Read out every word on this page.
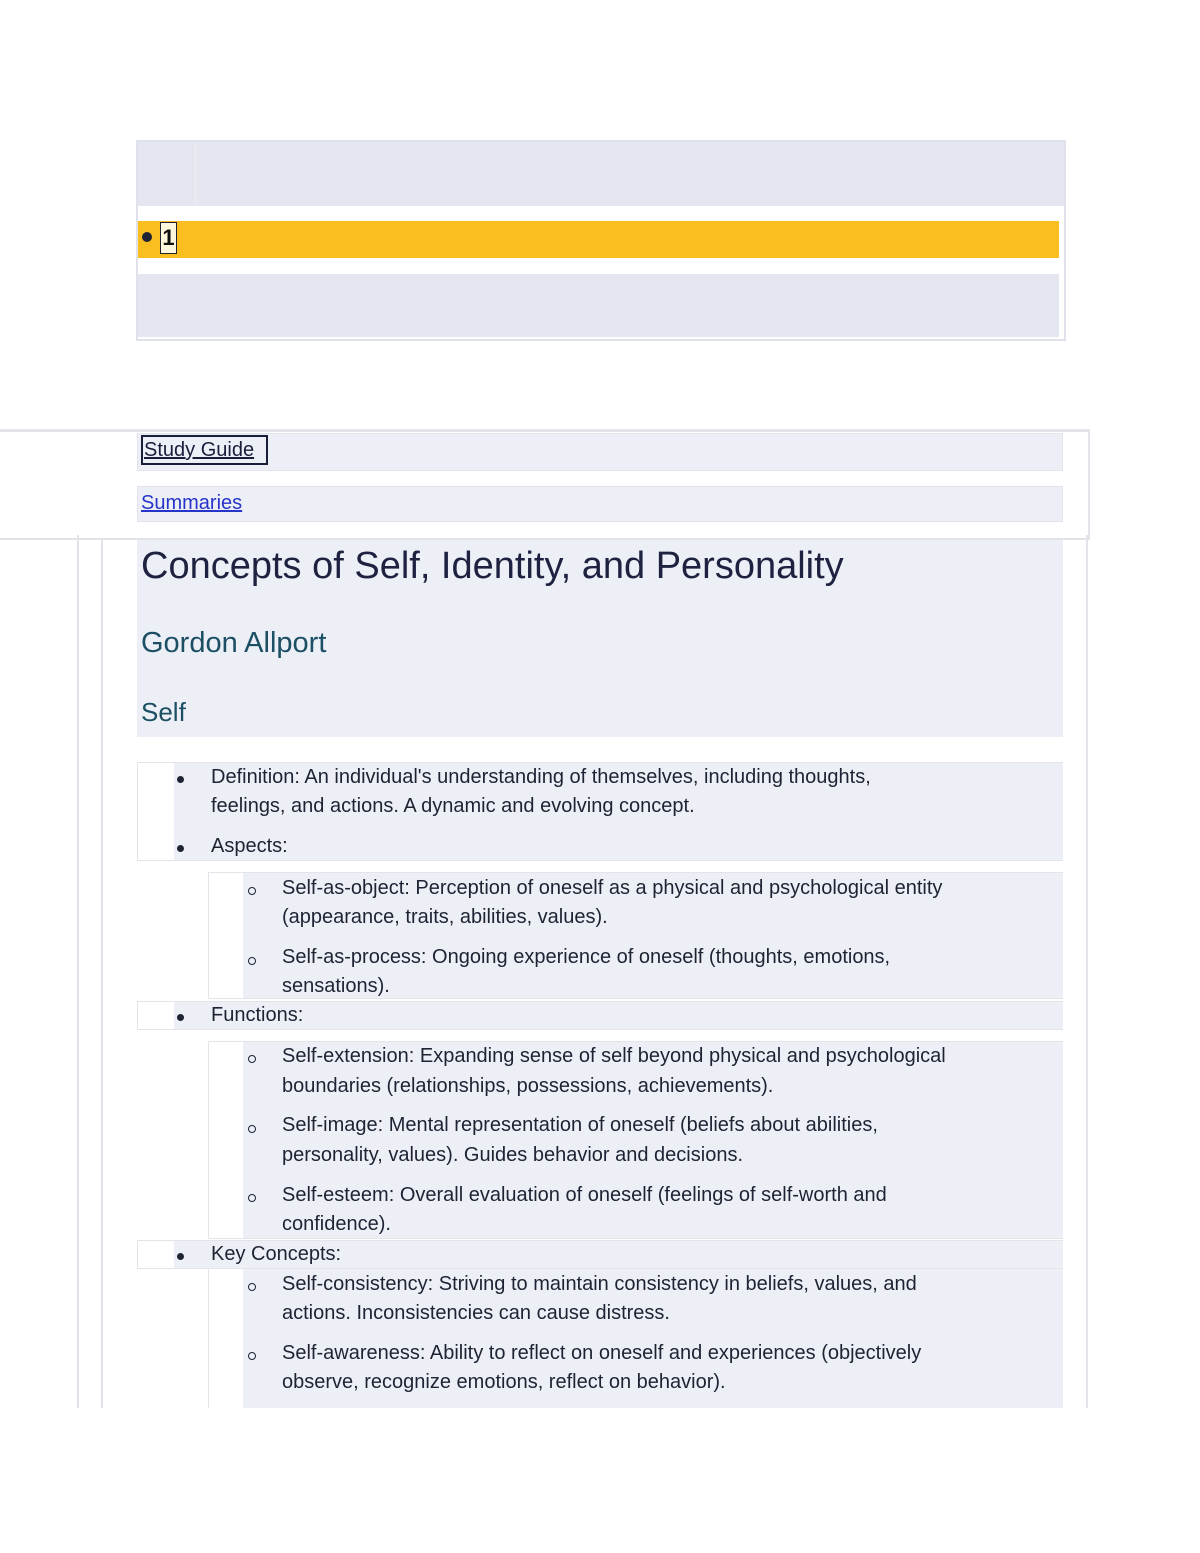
1
Study Guide
Summaries
Concepts of Self, Identity, and Personality
Gordon Allport
Self
Definition: An individual's understanding of themselves, including thoughts,
feelings, and actions. A dynamic and evolving concept.
Aspects:
Self-as-object: Perception of oneself as a physical and psychological entity
(appearance, traits, abilities, values).
Self-as-process: Ongoing experience of oneself (thoughts, emotions,
sensations).
Functions:
Self-extension: Expanding sense of self beyond physical and psychological
boundaries (relationships, possessions, achievements).
Self-image: Mental representation of oneself (beliefs about abilities,
personality, values). Guides behavior and decisions.
Self-esteem: Overall evaluation of oneself (feelings of self-worth and
confidence).
Key Concepts:
Self-consistency: Striving to maintain consistency in beliefs, values, and
actions. Inconsistencies can cause distress.
Self-awareness: Ability to reflect on oneself and experiences (objectively
observe, recognize emotions, reflect on behavior).
